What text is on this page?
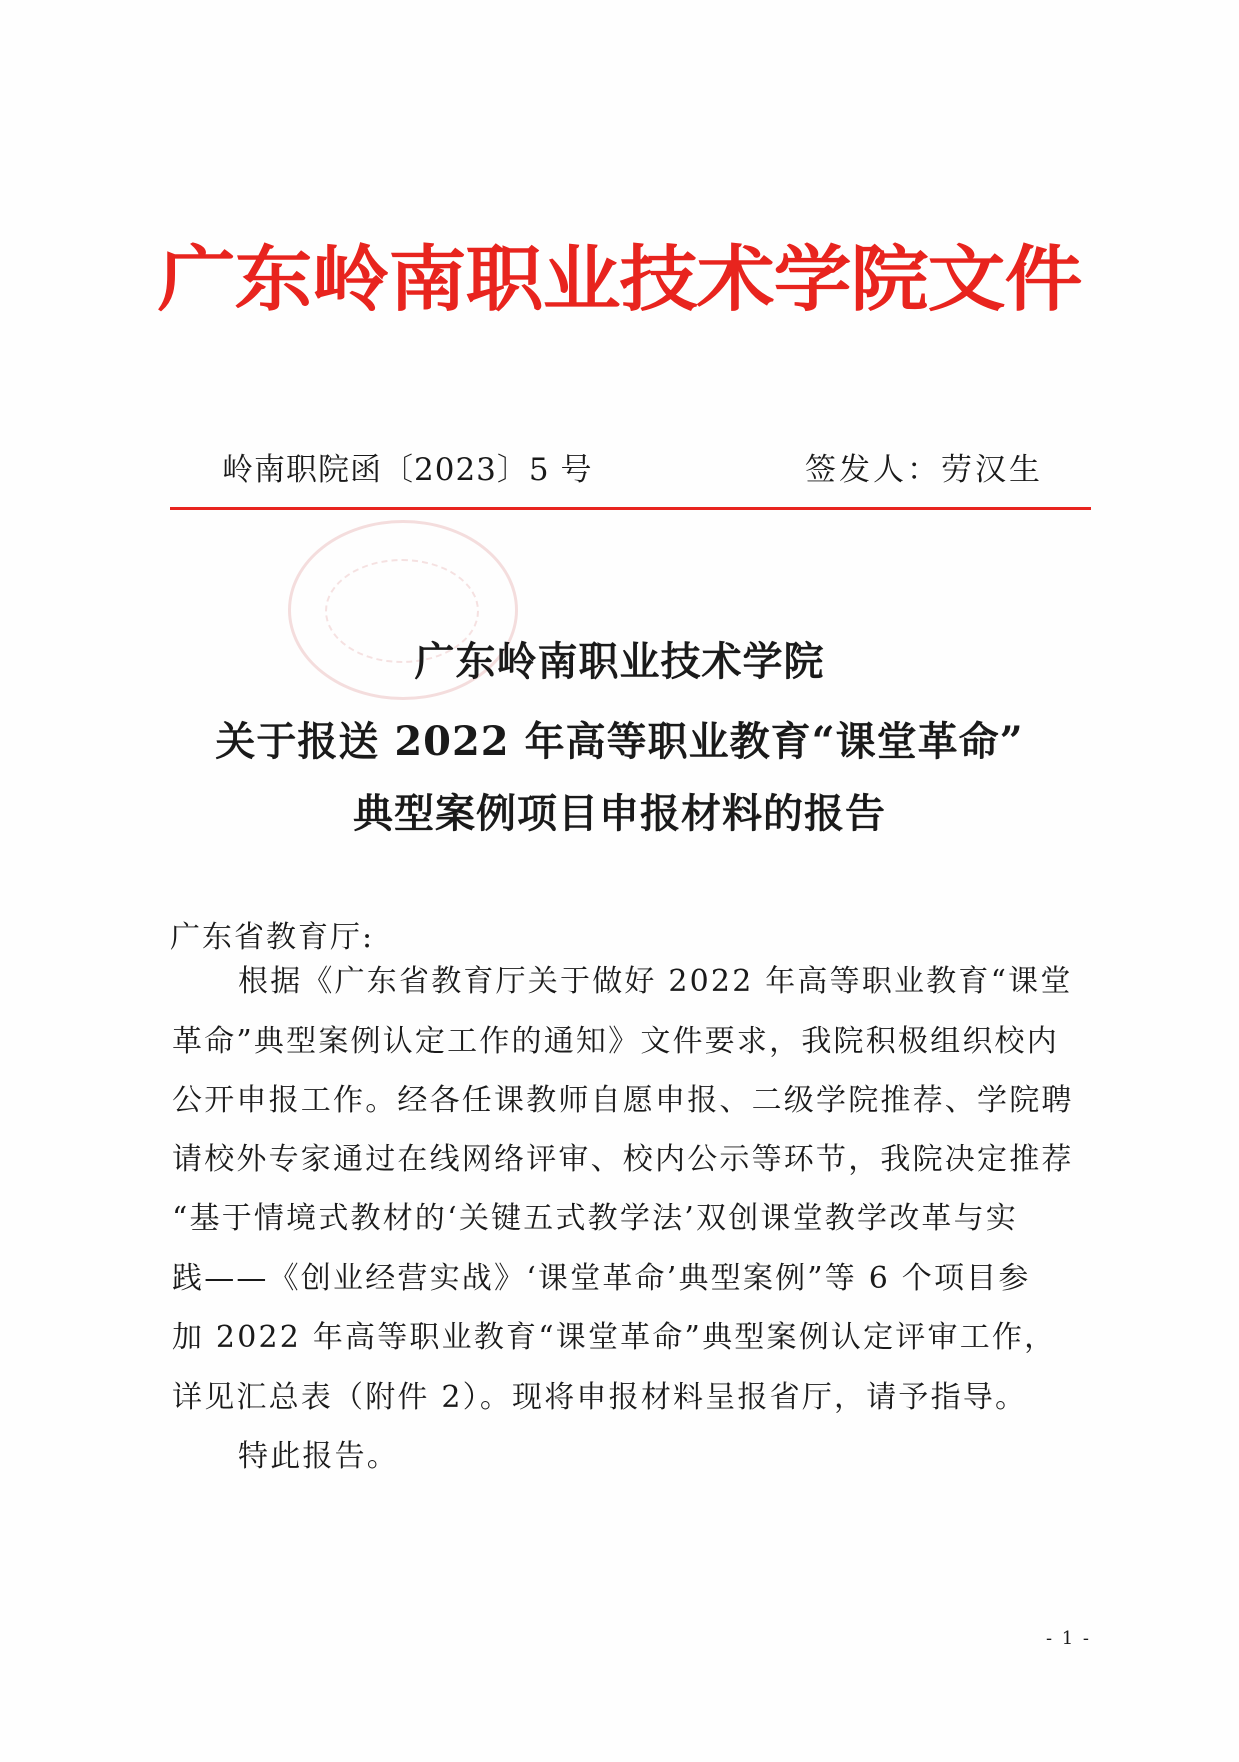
广东岭南职业技术学院文件
岭南职院函〔2023〕5 号	签发人：劳汉生
广东岭南职业技术学院
关于报送 2022 年高等职业教育“课堂革命”
典型案例项目申报材料的报告
广东省教育厅:
根据《广东省教育厅关于做好 2022 年高等职业教育“课堂
革命”典型案例认定工作的通知》文件要求，我院积极组织校内
公开申报工作。经各任课教师自愿申报、二级学院推荐、学院聘
请校外专家通过在线网络评审、校内公示等环节，我院决定推荐
“基于情境式教材的‘关键五式教学法’双创课堂教学改革与实
践——《创业经营实战》‘课堂革命’典型案例”等 6 个项目参
加 2022 年高等职业教育“课堂革命”典型案例认定评审工作，
详见汇总表（附件 2）。现将申报材料呈报省厅，请予指导。
特此报告。
- 1 -
